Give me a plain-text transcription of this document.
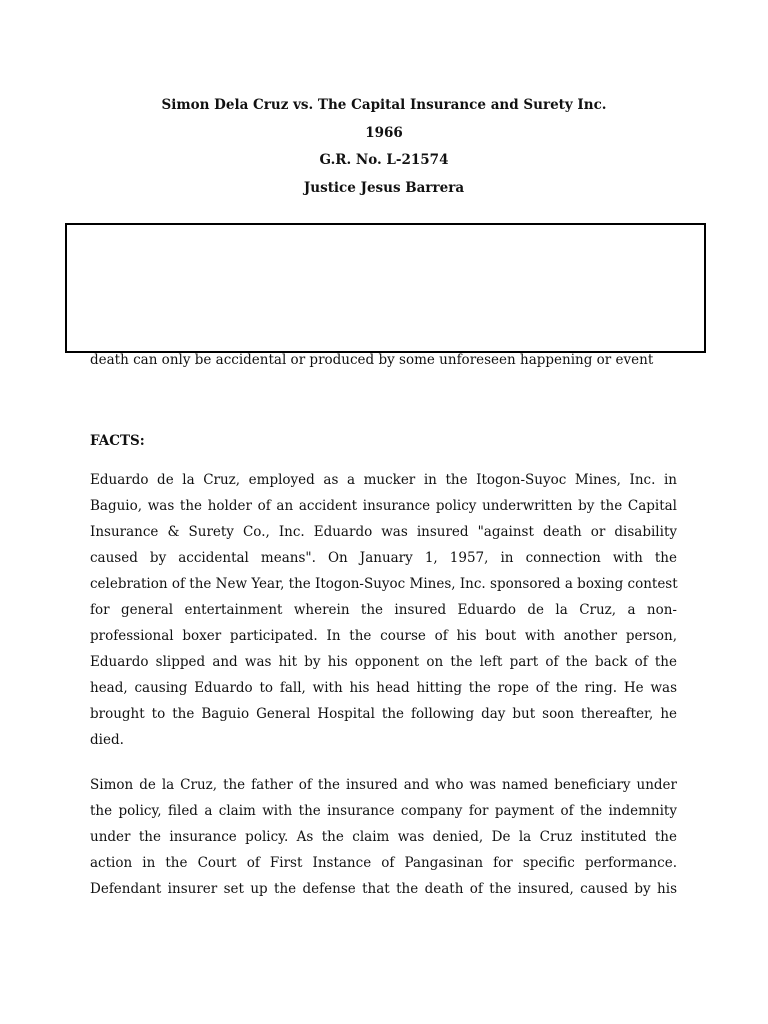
Simon Dela Cruz vs. The Capital Insurance and Surety Inc.
1966
G.R. No. L-21574
Justice Jesus Barrera
death can only be accidental or produced by some unforeseen happening or event
FACTS:
Eduardo de la Cruz, employed as a mucker in the Itogon-Suyoc Mines, Inc. in
Baguio, was the holder of an accident insurance policy underwritten by the Capital
Insurance & Surety Co., Inc. Eduardo was insured "against death or disability
caused by accidental means". On January 1, 1957, in connection with the
celebration of the New Year, the Itogon-Suyoc Mines, Inc. sponsored a boxing contest
for general entertainment wherein the insured Eduardo de la Cruz, a non-
professional boxer participated. In the course of his bout with another person,
Eduardo slipped and was hit by his opponent on the left part of the back of the
head, causing Eduardo to fall, with his head hitting the rope of the ring. He was
brought to the Baguio General Hospital the following day but soon thereafter, he
died.
Simon de la Cruz, the father of the insured and who was named beneficiary under
the policy, filed a claim with the insurance company for payment of the indemnity
under the insurance policy. As the claim was denied, De la Cruz instituted the
action in the Court of First Instance of Pangasinan for specific performance.
Defendant insurer set up the defense that the death of the insured, caused by his
